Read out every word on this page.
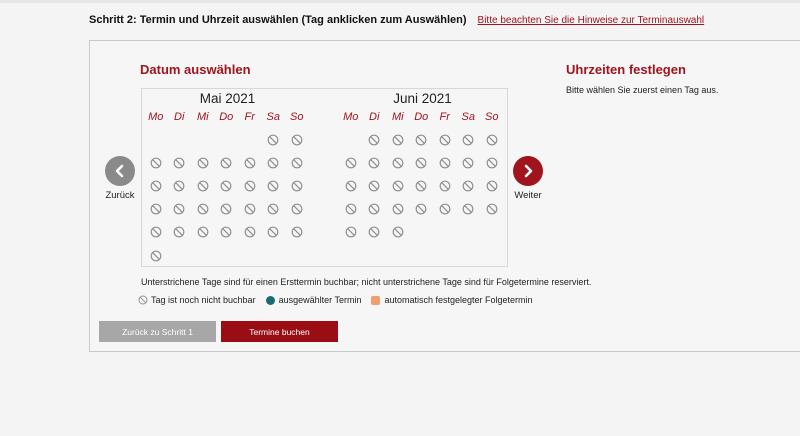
Schritt 2: Termin und Uhrzeit auswählen (Tag anklicken zum Auswählen) Bitte beachten Sie die Hinweise zur Terminauswahl
Datum auswählen	Uhrzeiten festlegen
Bitte wählen Sie zuerst einen Tag aus.
Zurück	Weiter
Mai 2021
Mo Di	Mi Do	Fr	Sa So
Juni 2021
Mo Di	Mi Do	Fr	Sa So
Unterstrichene Tage sind für einen Ersttermin buchbar; nicht unterstrichene Tage sind für Folgetermine reserviert.
Tag ist noch nicht buchbar	ausgewählter Termin	automatisch festgelegter Folgetermin
Zurück zu Schritt 1	Termine buchen
